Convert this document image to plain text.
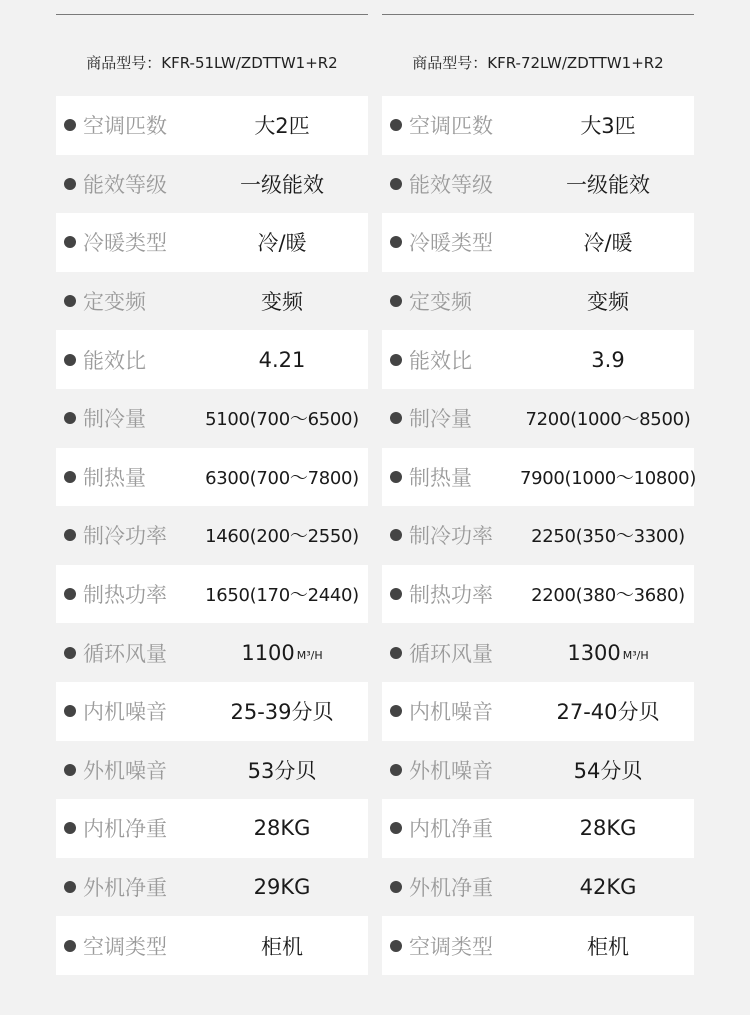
商品型号：KFR-51LW/ZDTTW1+R2
空调匹数	大2匹
能效等级	一级能效
冷暖类型	冷/暖
定变频	变频
能效比	4.21
制冷量	5100(700～6500)
制热量	6300(700～7800)
制冷功率 1460(200～2550)
制热功率 1650(170～2440)
循环风量	1100 M³/H
内机噪音	25-39分贝
外机噪音	53分贝
内机净重	28KG
外机净重	29KG
空调类型	柜机
商品型号：KFR-72LW/ZDTTW1+R2
空调匹数	大3匹
能效等级	一级能效
冷暖类型	冷/暖
定变频	变频
能效比	3.9
制冷量	7200(1000～8500)
制热量	7900(1000～10800)
制冷功率 2250(350～3300)
制热功率 2200(380～3680)
循环风量	1300 M³/H
内机噪音	27-40分贝
外机噪音	54分贝
内机净重	28KG
外机净重	42KG
空调类型	柜机
